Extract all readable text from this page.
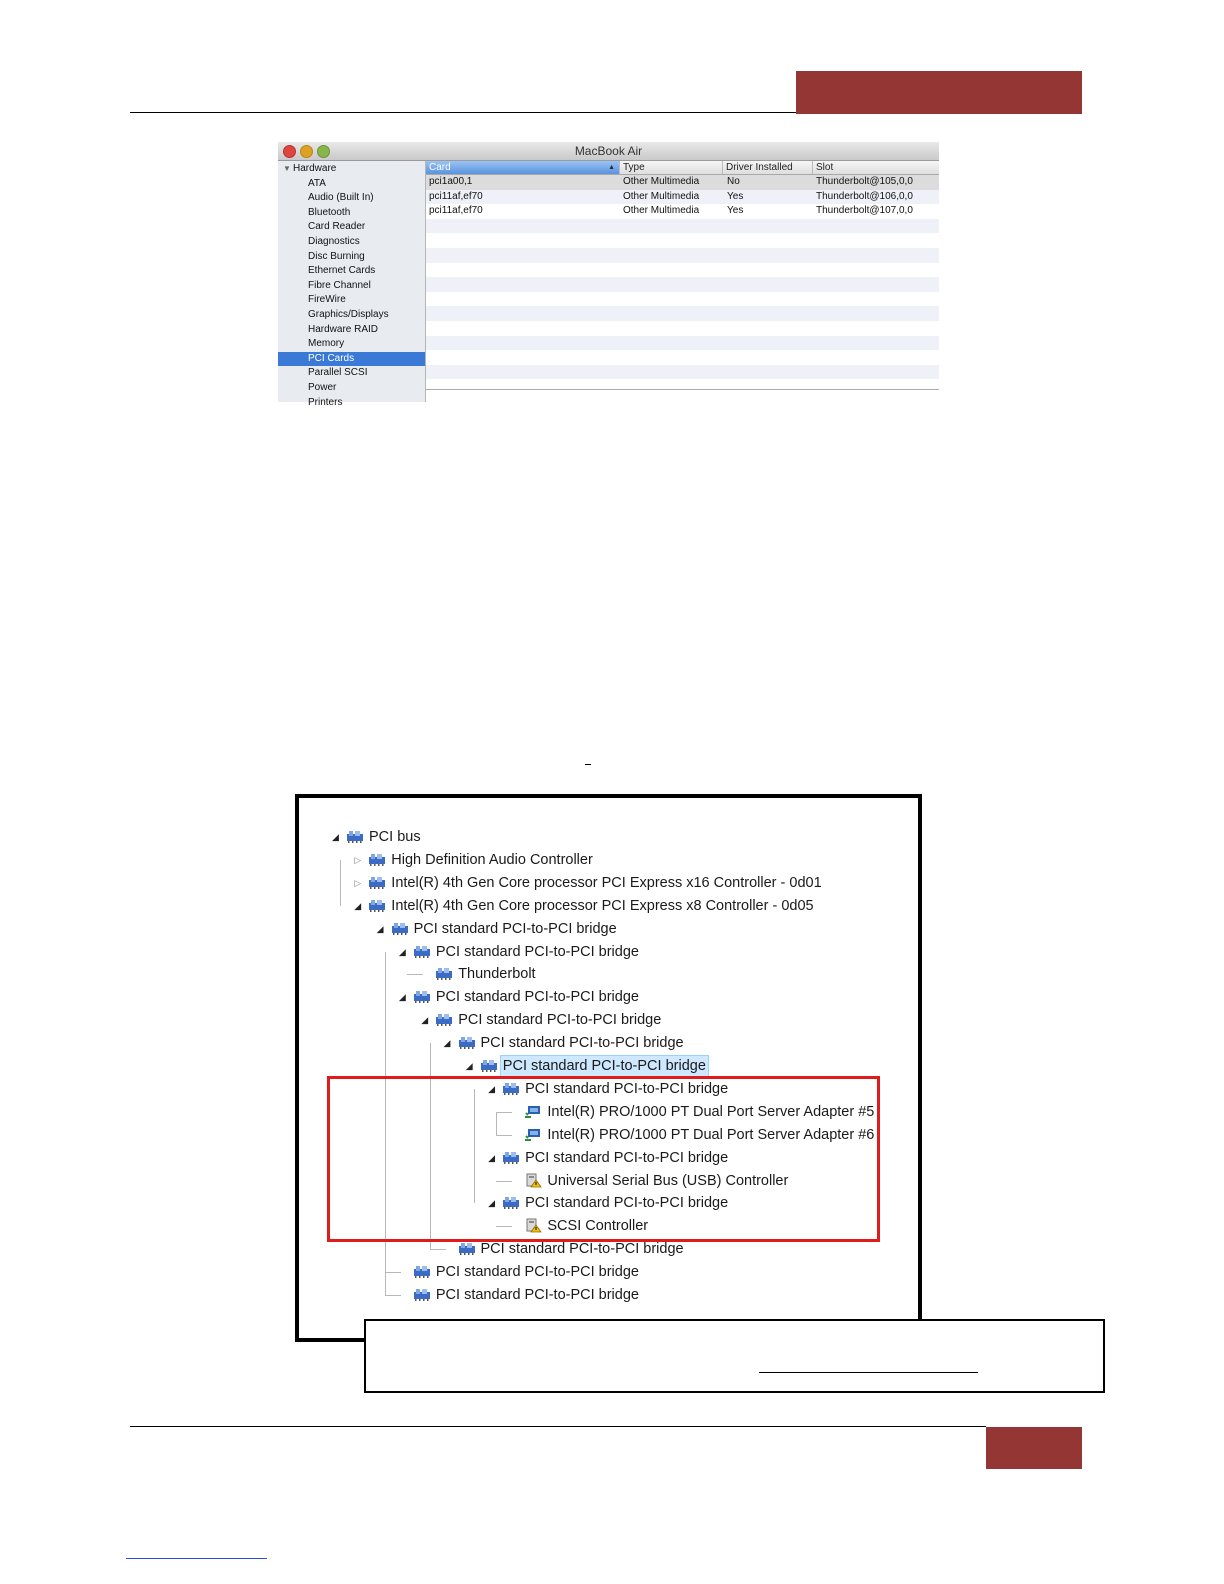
MacBook Air
▼ Hardware
ATA
Audio (Built In)
Bluetooth
Card Reader
Diagnostics
Disc Burning
Ethernet Cards
Fibre Channel
FireWire
Graphics/Displays
Hardware RAID
Memory
PCI Cards
Parallel SCSI
Power
Printers
Card	▲ Type	Driver Installed	Slot
pci1a00,1	Other Multimedia	No	Thunderbolt@105,0,0
pci11af,ef70	Other Multimedia	Yes	Thunderbolt@106,0,0
pci11af,ef70	Other Multimedia	Yes	Thunderbolt@107,0,0
◢ PCI bus
▷ High Definition Audio Controller
▷ Intel(R) 4th Gen Core processor PCI Express x16 Controller - 0d01
◢ Intel(R) 4th Gen Core processor PCI Express x8 Controller - 0d05
◢ PCI standard PCI-to-PCI bridge
◢ PCI standard PCI-to-PCI bridge
Thunderbolt
◢ PCI standard PCI-to-PCI bridge
◢ PCI standard PCI-to-PCI bridge
◢ PCI standard PCI-to-PCI bridge
◢ PCI standard PCI-to-PCI bridge
◢ PCI standard PCI-to-PCI bridge
Intel(R) PRO/1000 PT Dual Port Server Adapter #5
Intel(R) PRO/1000 PT Dual Port Server Adapter #6
◢ PCI standard PCI-to-PCI bridge
Universal Serial Bus (USB) Controller
◢ PCI standard PCI-to-PCI bridge
SCSI Controller
PCI standard PCI-to-PCI bridge
PCI standard PCI-to-PCI bridge
PCI standard PCI-to-PCI bridge
